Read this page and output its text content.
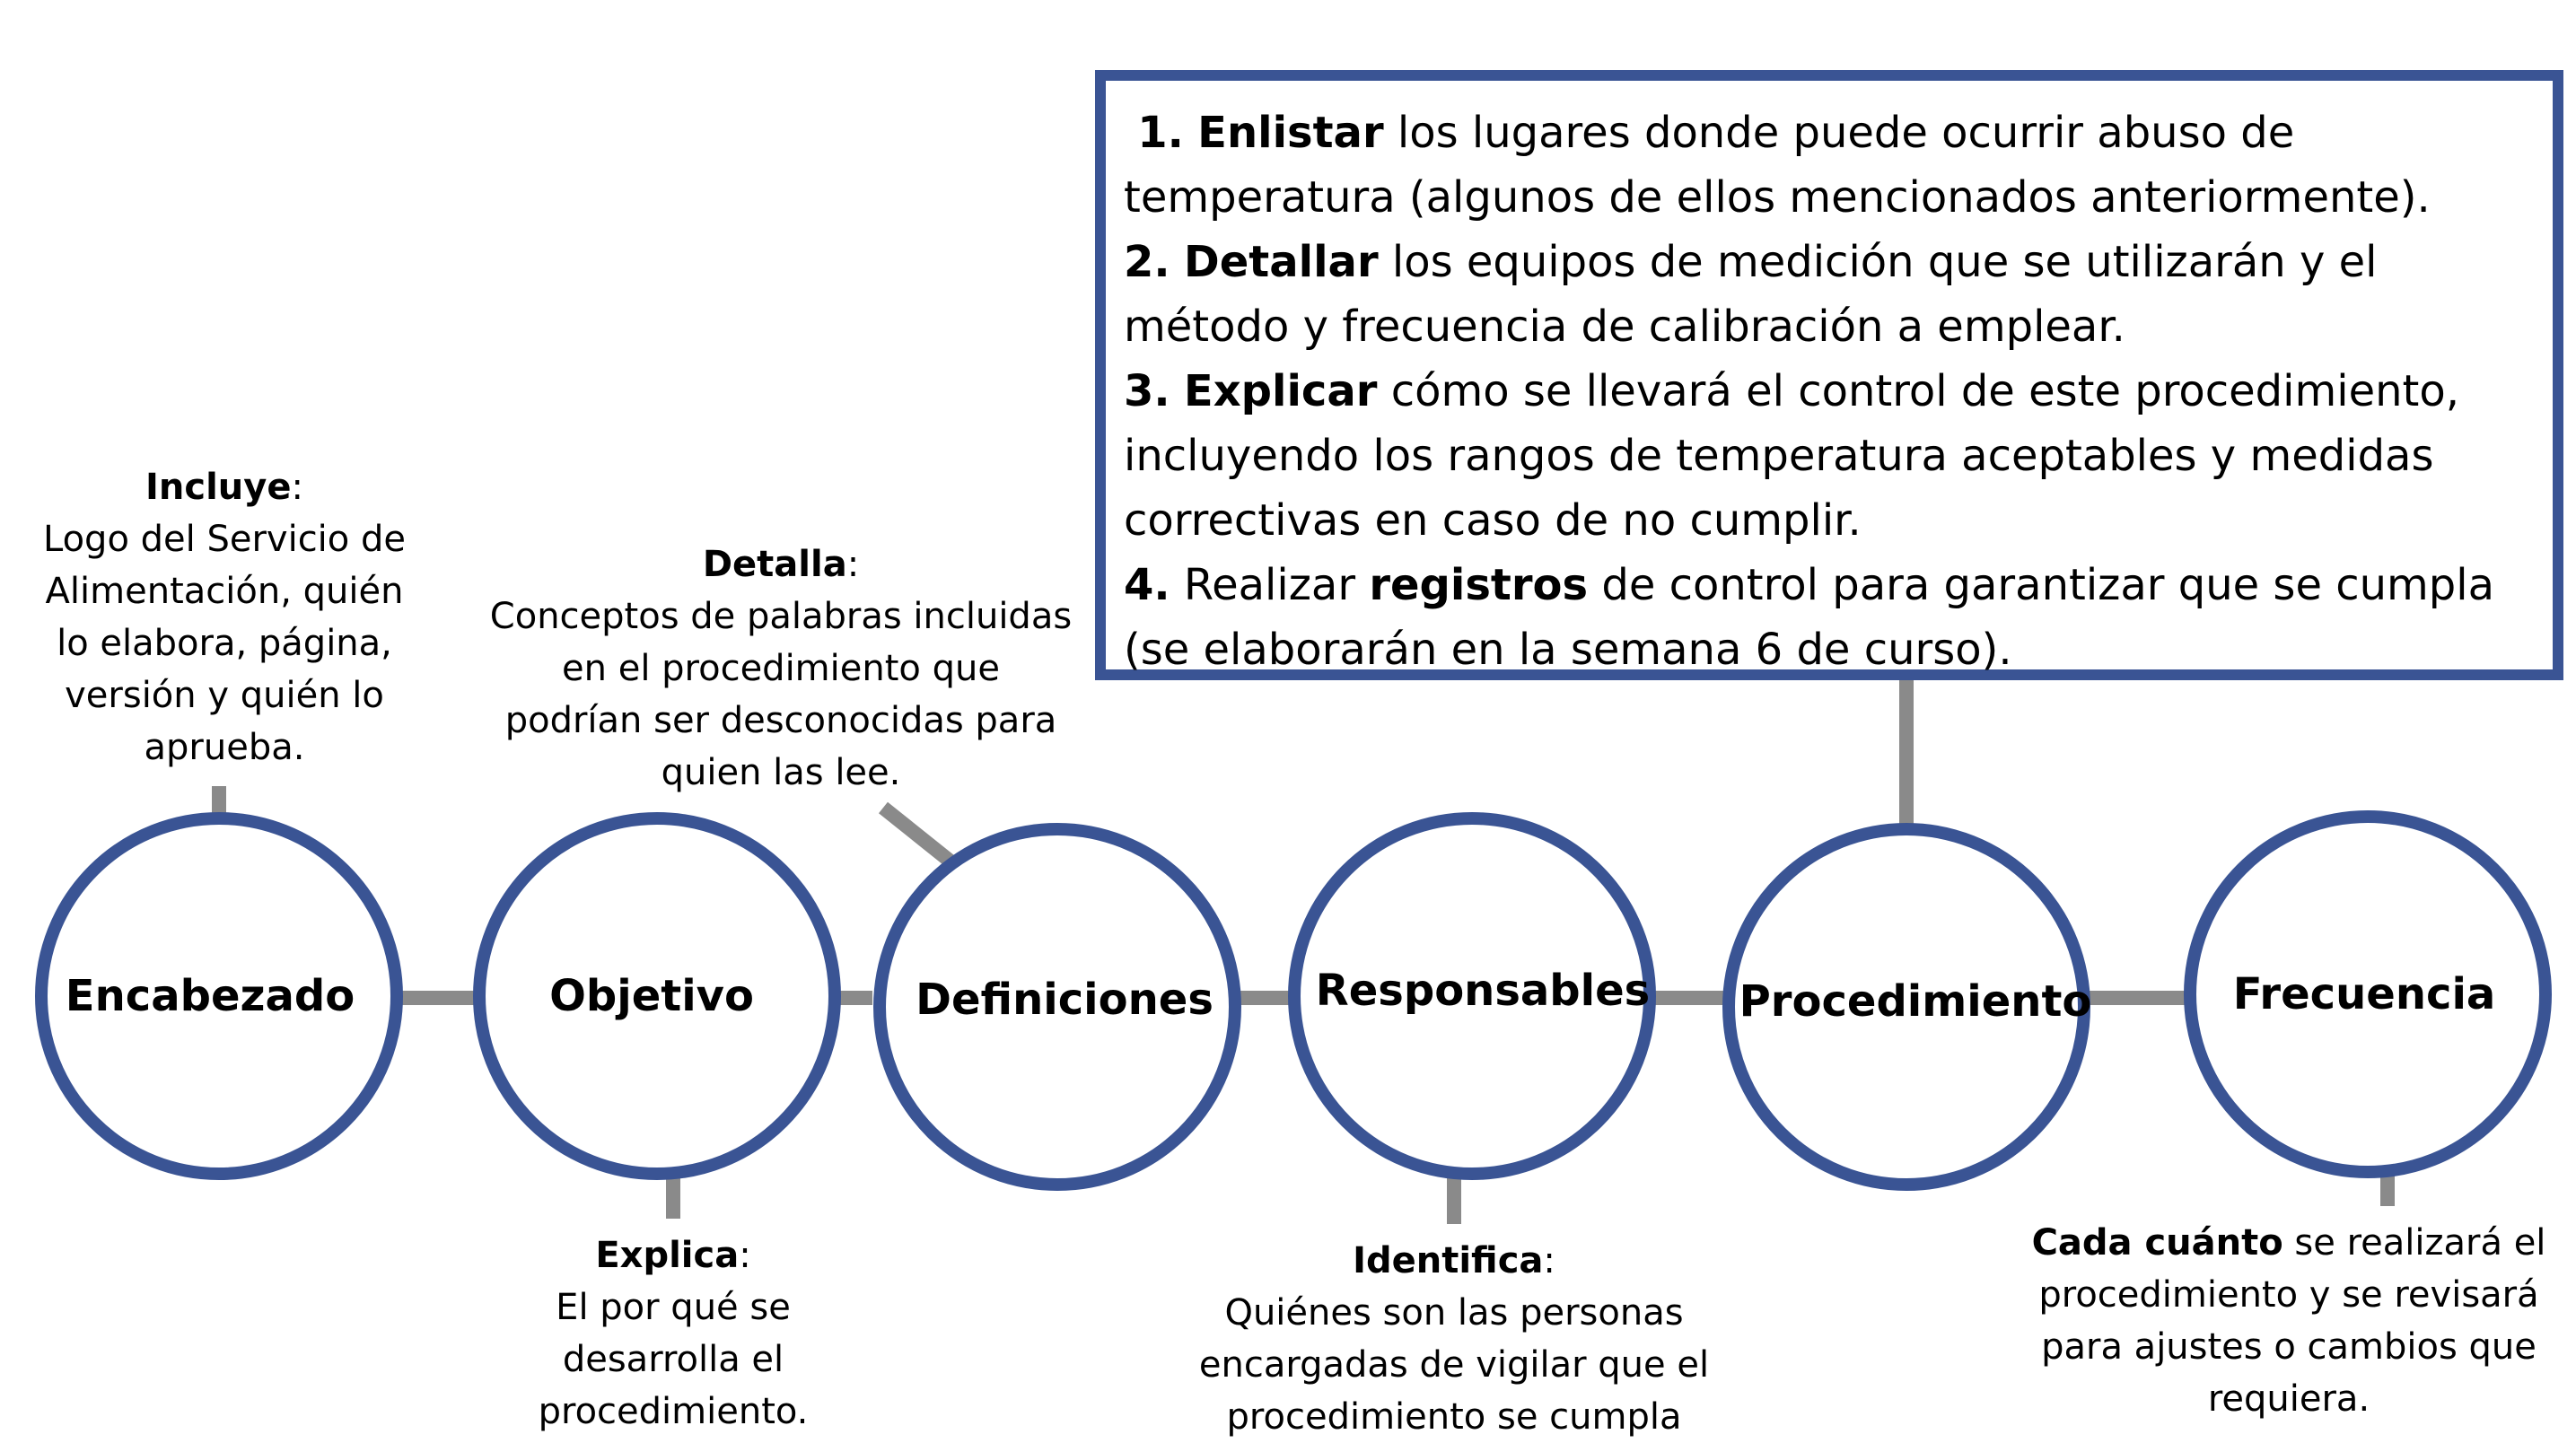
Encabezado	Objetivo	Definiciones Responsables Procedimiento	Frecuencia
Incluye:
Logo del Servicio de
Alimentación, quién
lo elabora, página,
versión y quién lo
aprueba.
Detalla:
Conceptos de palabras incluidas
en el procedimiento que
podrían ser desconocidas para
quien las lee.
Explica:
El por qué se
desarrolla el
procedimiento.
Identifica:
Quiénes son las personas
encargadas de vigilar que el
procedimiento se cumpla
Cada cuánto se realizará el
procedimiento y se revisará
para ajustes o cambios que
requiera.

1. Enlistar los lugares donde puede ocurrir abuso de temperatura (algunos de ellos mencionados anteriormente).

2. Detallar los equipos de medición que se utilizarán y el método y frecuencia de calibración a emplear.

3. Explicar cómo se llevará el control de este procedimiento, incluyendo los rangos de temperatura aceptables y medidas correctivas en caso de no cumplir.

4. Realizar registros de control para garantizar que se cumpla (se elaborarán en la semana 6 de curso).
